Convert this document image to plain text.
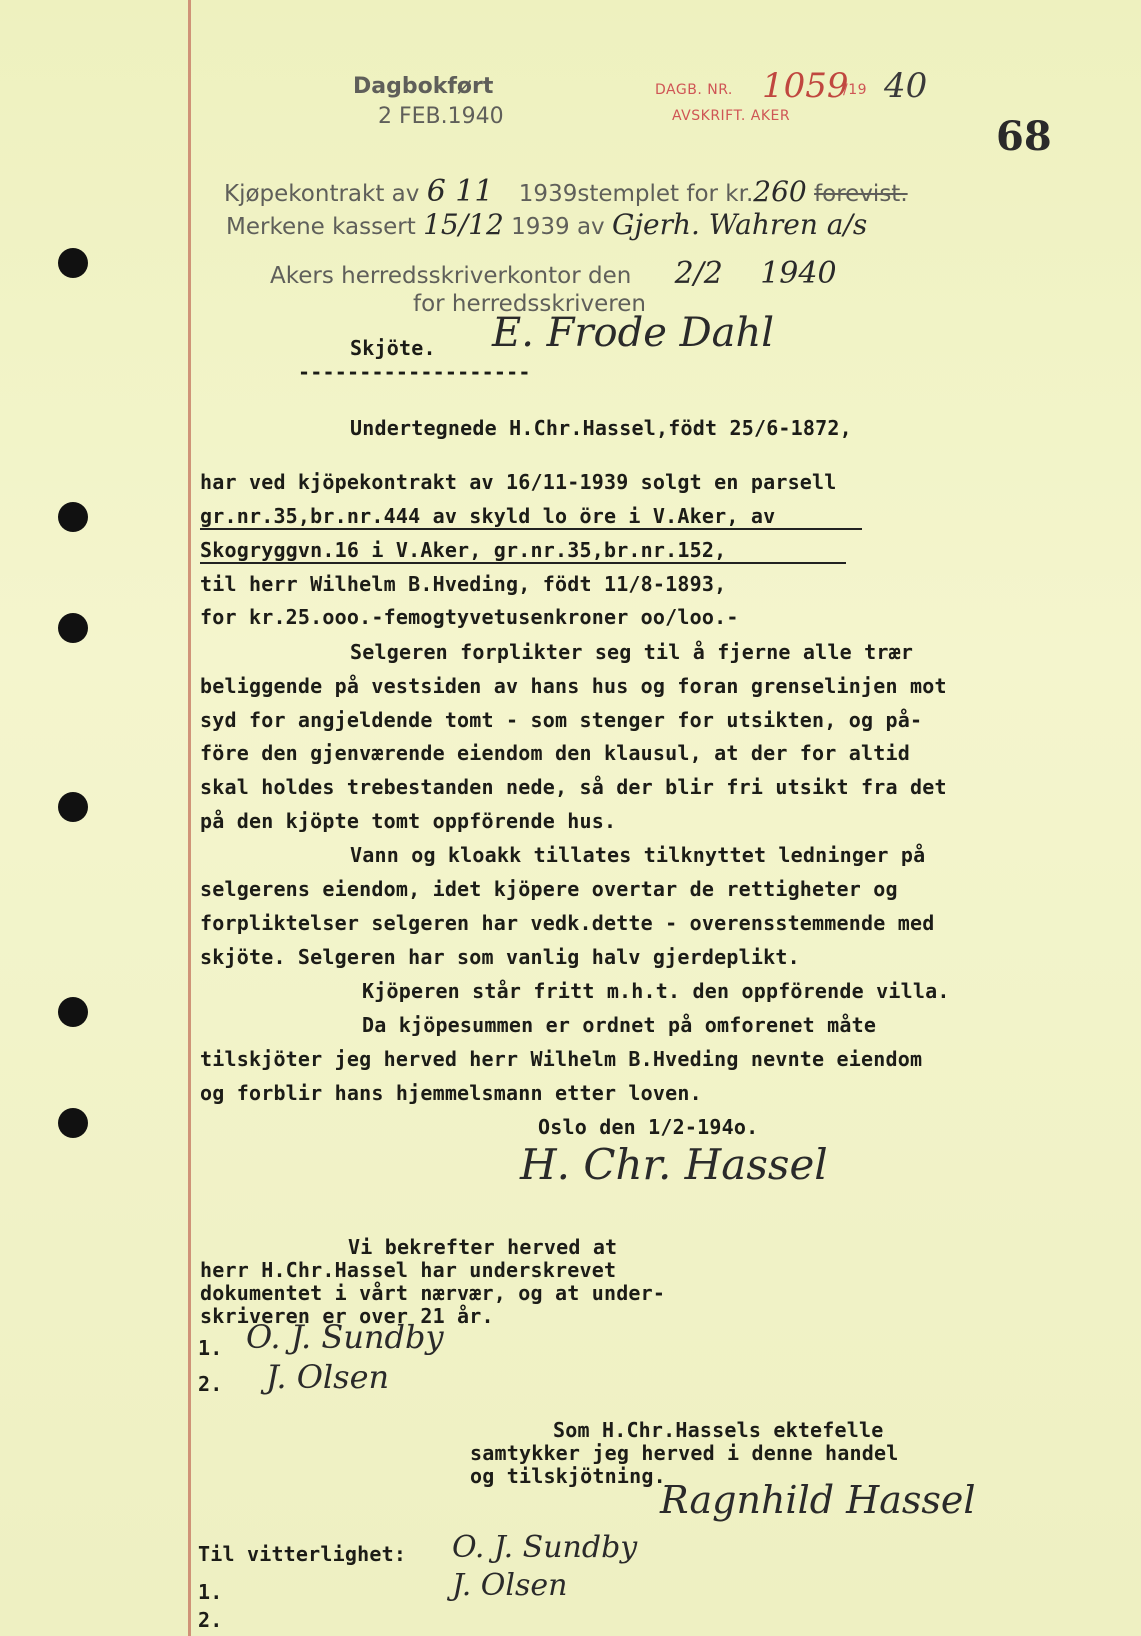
Dagbokført
2 FEB.1940
DAGB. NR. 1059
/19 40
AVSKRIFT. AKER	68
Kjøpekontrakt av 6 11 1939stemplet for kr.260 forevist.
Merkene kassert 15/12 1939 av Gjerh. Wahren a/s
Akers herredsskriverkontor den 2/2 1940
for herredsskriveren
Skjöte. E. Frode Dahl
-------------------
Undertegnede H.Chr.Hassel,födt 25/6-1872,
har ved kjöpekontrakt av 16/11-1939 solgt en parsell
gr.nr.35,br.nr.444 av skyld lo öre i V.Aker, av
Skogryggvn.16 i V.Aker, gr.nr.35,br.nr.152,
til herr Wilhelm B.Hveding, födt 11/8-1893,
for kr.25.ooo.-femogtyvetusenkroner oo/loo.-
Selgeren forplikter seg til å fjerne alle trær
beliggende på vestsiden av hans hus og foran grenselinjen mot
syd for angjeldende tomt - som stenger for utsikten, og på-
före den gjenværende eiendom den klausul, at der for altid
skal holdes trebestanden nede, så der blir fri utsikt fra det
på den kjöpte tomt oppförende hus.
Vann og kloakk tillates tilknyttet ledninger på
selgerens eiendom, idet kjöpere overtar de rettigheter og
forpliktelser selgeren har vedk.dette - overensstemmende med
skjöte. Selgeren har som vanlig halv gjerdeplikt.
Kjöperen står fritt m.h.t. den oppförende villa.
Da kjöpesummen er ordnet på omforenet måte
tilskjöter jeg herved herr Wilhelm B.Hveding nevnte eiendom
og forblir hans hjemmelsmann etter loven.
Oslo den 1/2-194o.
H. Chr. Hassel
Vi bekrefter herved at
herr H.Chr.Hassel har underskrevet
dokumentet i vårt nærvær, og at under-
skriveren er over 21 år.
1. O. J. Sundby
2. J. Olsen
Som H.Chr.Hassels ektefelle
samtykker jeg herved i denne handel
og tilskjötning.
Ragnhild Hassel
Til vitterlighet: O. J. Sundby
1.	J. Olsen
2.
